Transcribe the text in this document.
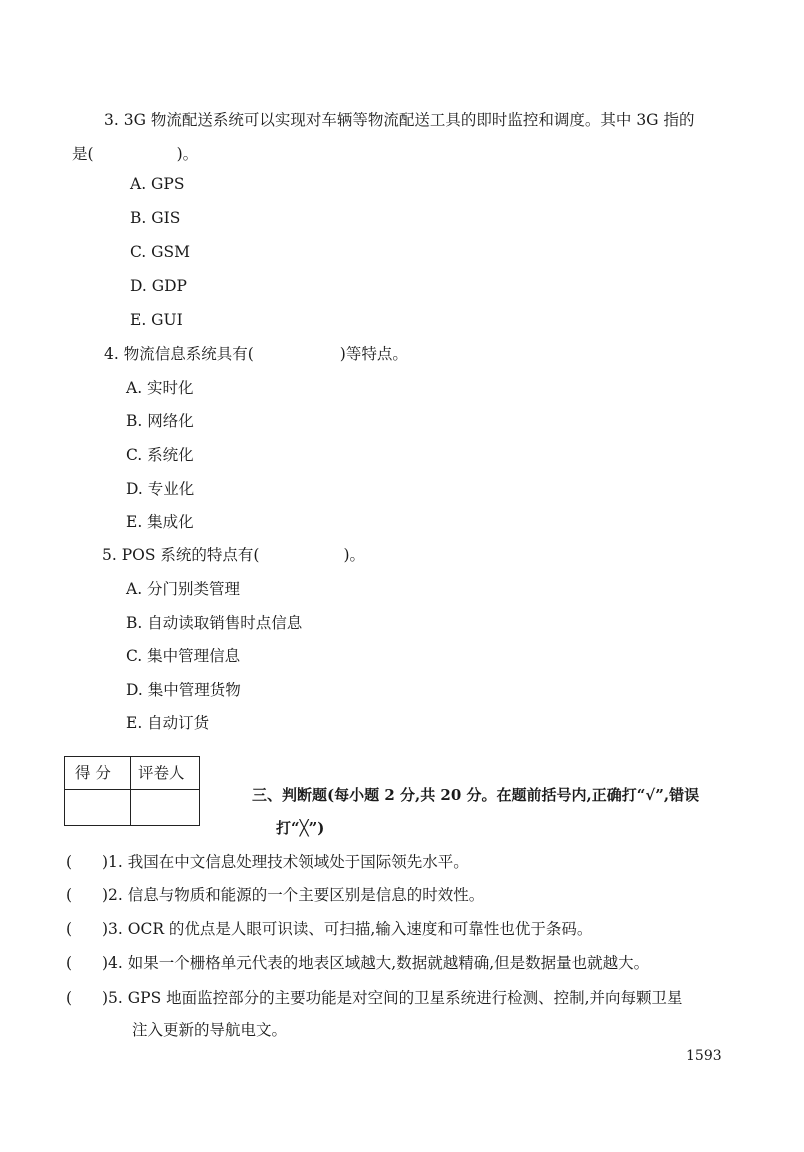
3. 3G 物流配送系统可以实现对车辆等物流配送工具的即时监控和调度。其中 3G 指的
是(	)。
A. GPS
B. GIS
C. GSM
D. GDP
E. GUI
4. 物流信息系统具有(	)等特点。
A. 实时化
B. 网络化
C. 系统化
D. 专业化
E. 集成化
5. POS 系统的特点有(	)。
A. 分门别类管理
B. 自动读取销售时点信息
C. 集中管理信息
D. 集中管理货物
E. 自动订货
得 分 评卷人
三、判断题(每小题 2 分,共 20 分。在题前括号内,正确打“√”,错误
打“╳”)
( )1. 我国在中文信息处理技术领域处于国际领先水平。
( )2. 信息与物质和能源的一个主要区别是信息的时效性。
( )3. OCR 的优点是人眼可识读、可扫描,输入速度和可靠性也优于条码。
( )4. 如果一个栅格单元代表的地表区域越大,数据就越精确,但是数据量也就越大。
( )5. GPS 地面监控部分的主要功能是对空间的卫星系统进行检测、控制,并向每颗卫星
注入更新的导航电文。
1593
